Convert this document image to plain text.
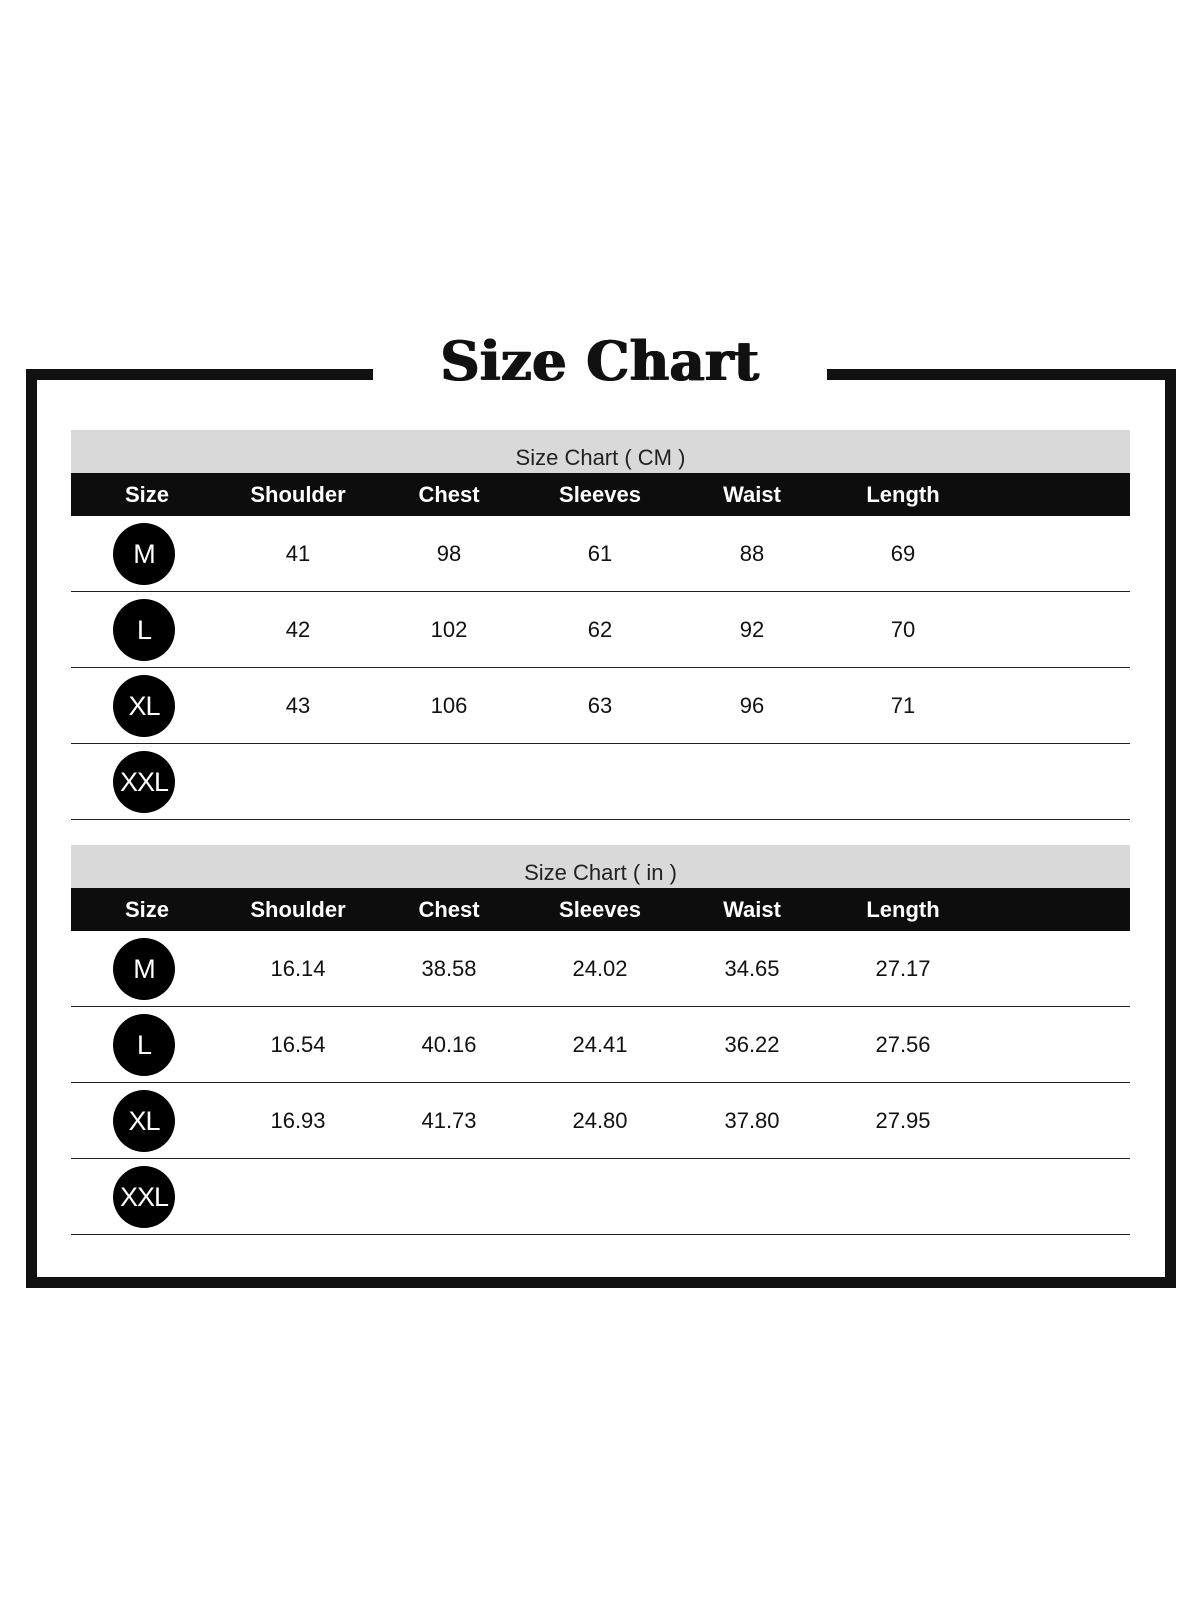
Size Chart
Size Chart ( CM )
Size	Shoulder	Chest	Sleeves	Waist	Length
M	41	98	61	88	69
L	42	102	62	92	70
XL	43	106	63	96	71
XXL
Size Chart ( in )
Size	Shoulder	Chest	Sleeves	Waist	Length
M	16.14	38.58	24.02	34.65	27.17
L	16.54	40.16	24.41	36.22	27.56
XL	16.93	41.73	24.80	37.80	27.95
XXL
